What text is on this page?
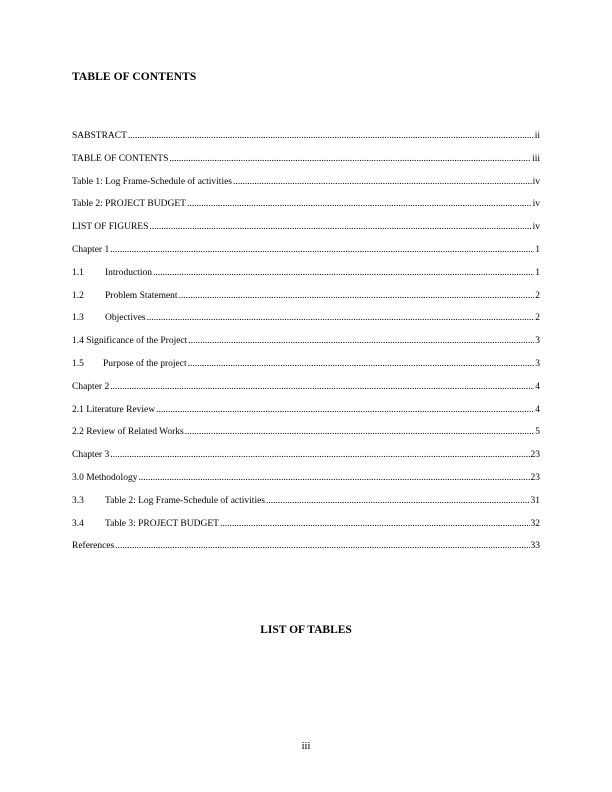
TABLE OF CONTENTS
SABSTRACT .....	ii
TABLE OF CONTENTS .....	iii
Table 1: Log Frame-Schedule of activities .....	iv
Table 2: PROJECT BUDGET .....	iv
LIST OF FIGURES .....	iv
Chapter 1 .....	1
1.1	Introduction .....	1
1.2	Problem Statement .....	2
1.3	Objectives .....	2
1.4 Significance of the Project .....	3
1.5	Purpose of the project .....	3
Chapter 2 .....	4
2.1 Literature Review .....	4
2.2 Review of Related Works .....	5
Chapter 3 .....	23
3.0 Methodology .....	23
3.3	Table 2: Log Frame-Schedule of activities .....	31
3.4	Table 3: PROJECT BUDGET .....	32
References .....	33
LIST OF TABLES
iii
